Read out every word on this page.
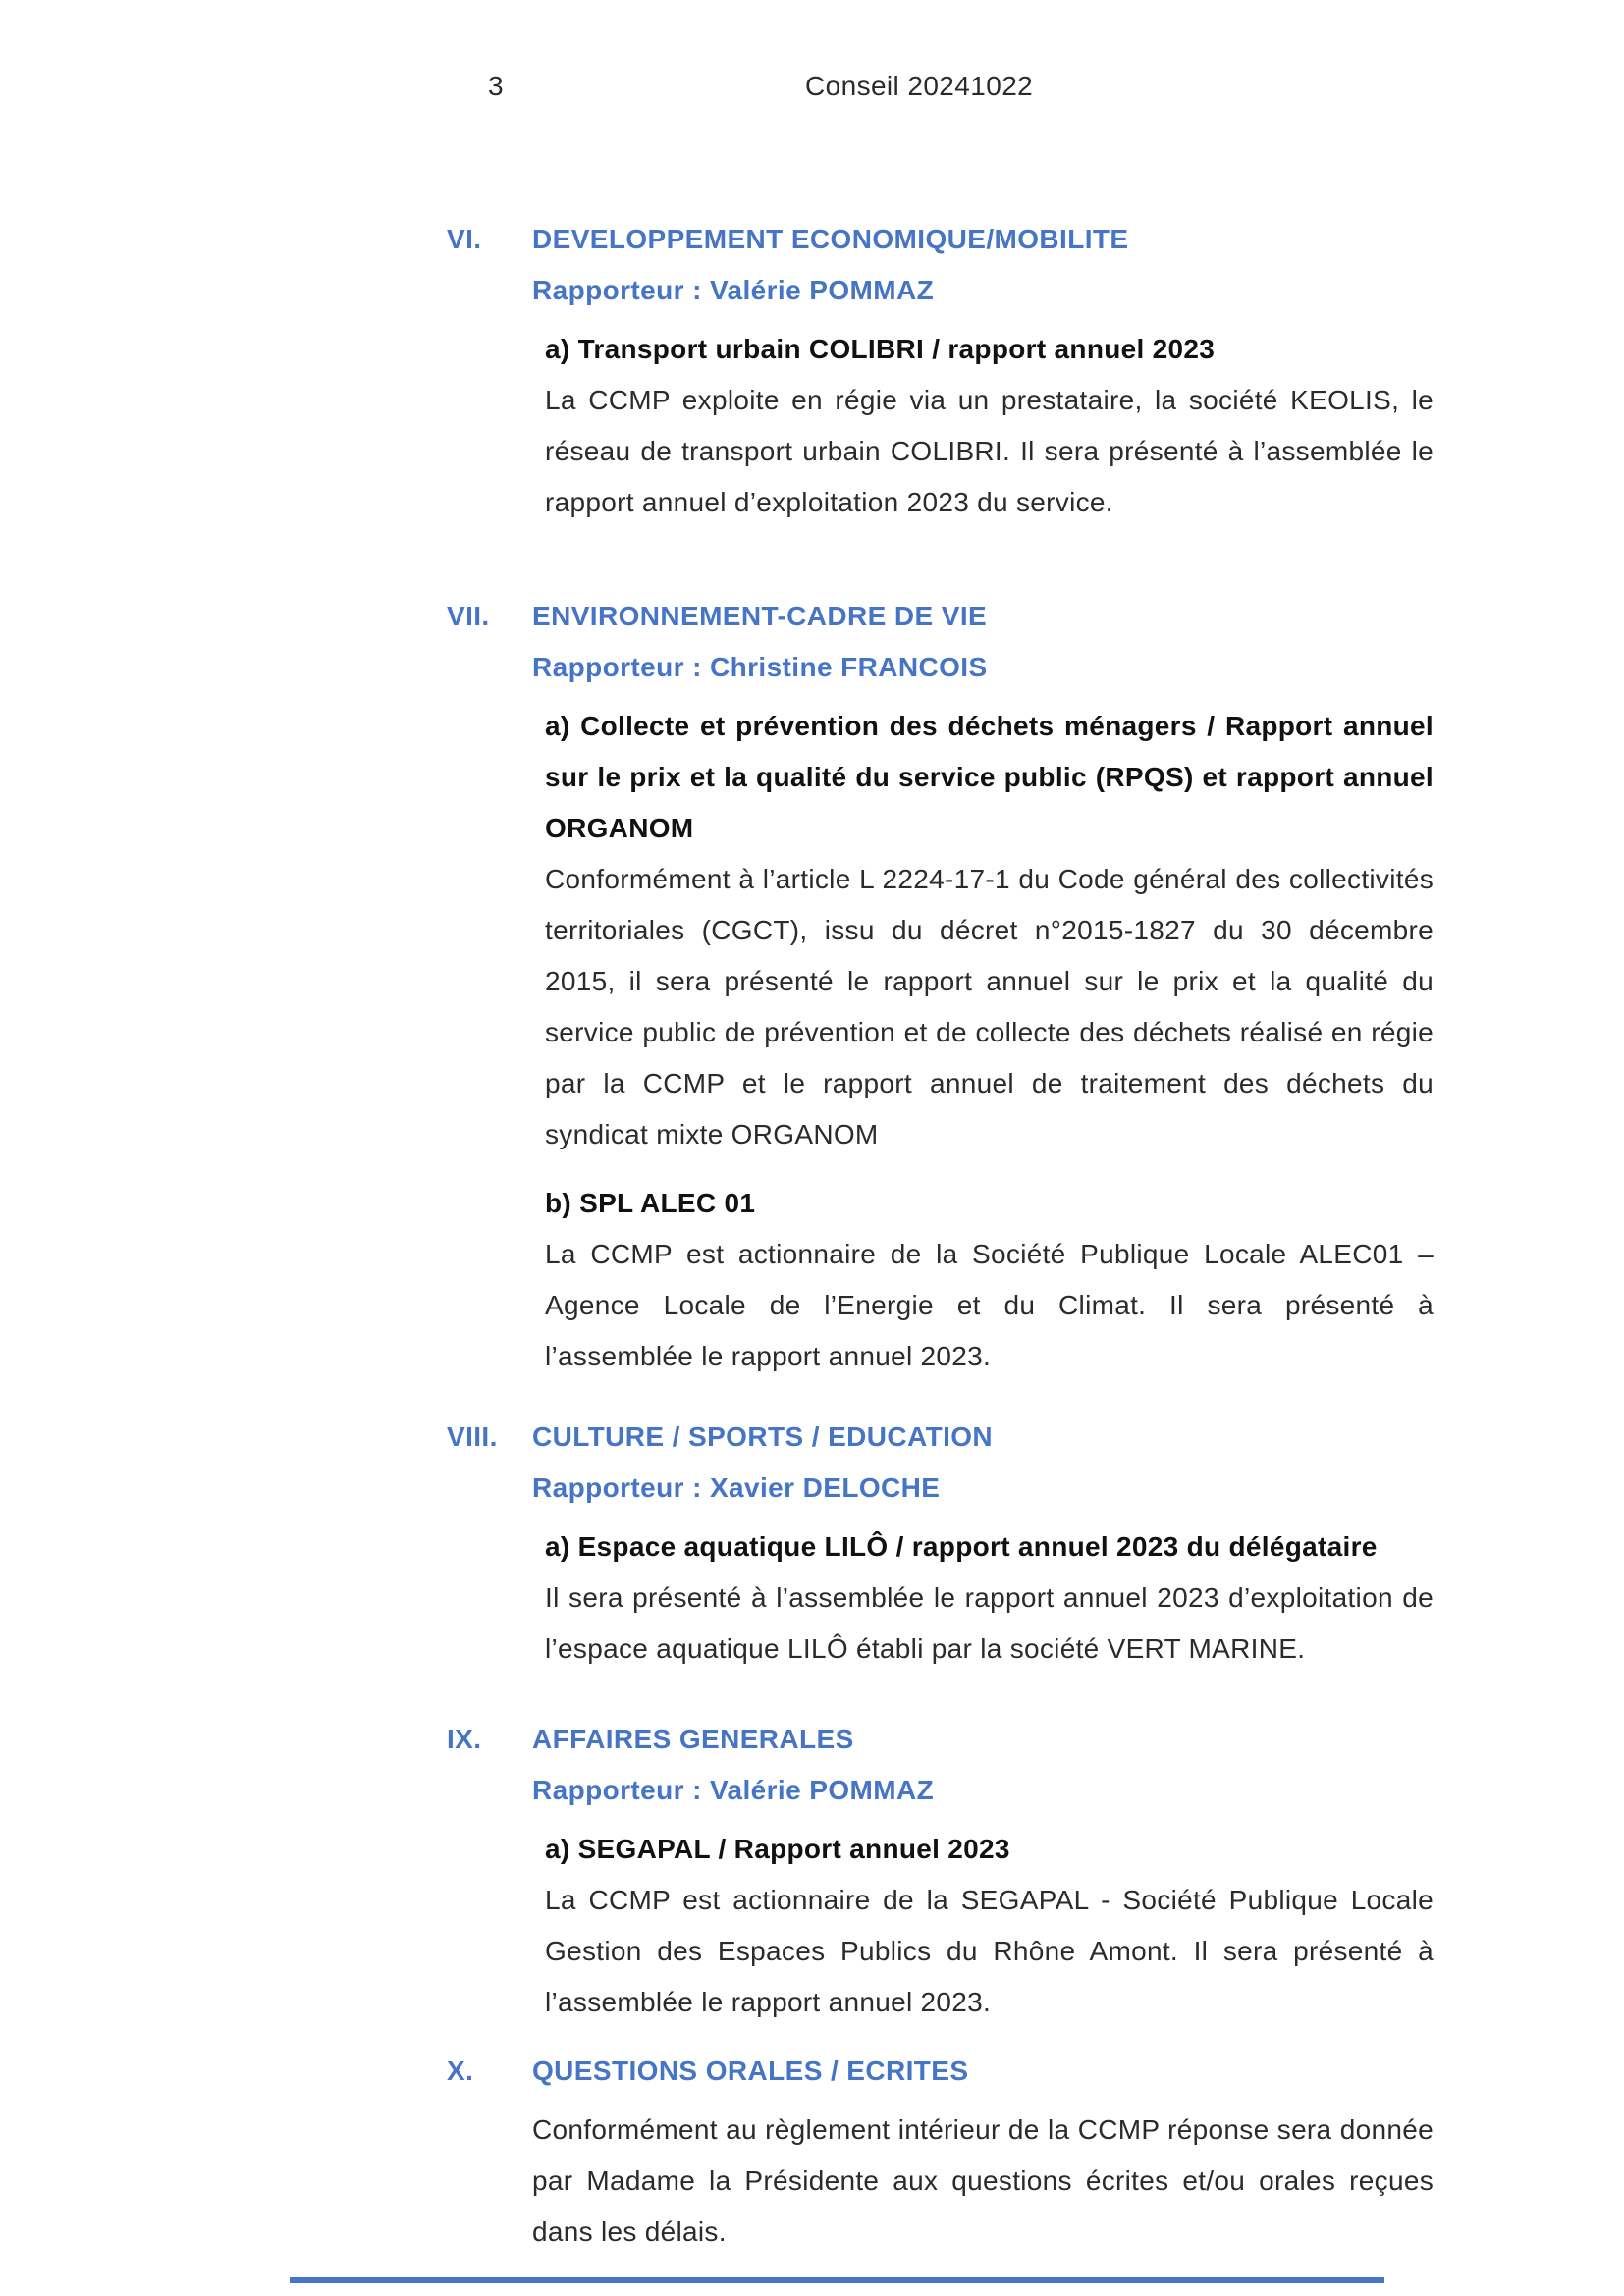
3	Conseil 20241022
VI.	DEVELOPPEMENT ECONOMIQUE/MOBILITE
Rapporteur : Valérie POMMAZ
a) Transport urbain COLIBRI / rapport annuel 2023
La CCMP exploite en régie via un prestataire, la société KEOLIS, le réseau de transport urbain COLIBRI. Il sera présenté à l’assemblée le rapport annuel d’exploitation 2023 du service.
VII.	ENVIRONNEMENT-CADRE DE VIE
Rapporteur : Christine FRANCOIS
a) Collecte et prévention des déchets ménagers / Rapport annuel sur le prix et la qualité du service public (RPQS) et rapport annuel ORGANOM
Conformément à l’article L 2224-17-1 du Code général des collectivités territoriales (CGCT), issu du décret n°2015-1827 du 30 décembre 2015, il sera présenté le rapport annuel sur le prix et la qualité du service public de prévention et de collecte des déchets réalisé en régie par la CCMP et le rapport annuel de traitement des déchets du syndicat mixte ORGANOM
b) SPL ALEC 01
La CCMP est actionnaire de la Société Publique Locale ALEC01 – Agence Locale de l’Energie et du Climat. Il sera présenté à l’assemblée le rapport annuel 2023.
VIII.	CULTURE / SPORTS / EDUCATION
Rapporteur : Xavier DELOCHE
a) Espace aquatique LILÔ / rapport annuel 2023 du délégataire
Il sera présenté à l’assemblée le rapport annuel 2023 d’exploitation de l’espace aquatique LILÔ établi par la société VERT MARINE.
IX.	AFFAIRES GENERALES
Rapporteur : Valérie POMMAZ
a) SEGAPAL / Rapport annuel 2023
La CCMP est actionnaire de la SEGAPAL - Société Publique Locale Gestion des Espaces Publics du Rhône Amont. Il sera présenté à l’assemblée le rapport annuel 2023.
X.	QUESTIONS ORALES / ECRITES
Conformément au règlement intérieur de la CCMP réponse sera donnée par Madame la Présidente aux questions écrites et/ou orales reçues dans les délais.
